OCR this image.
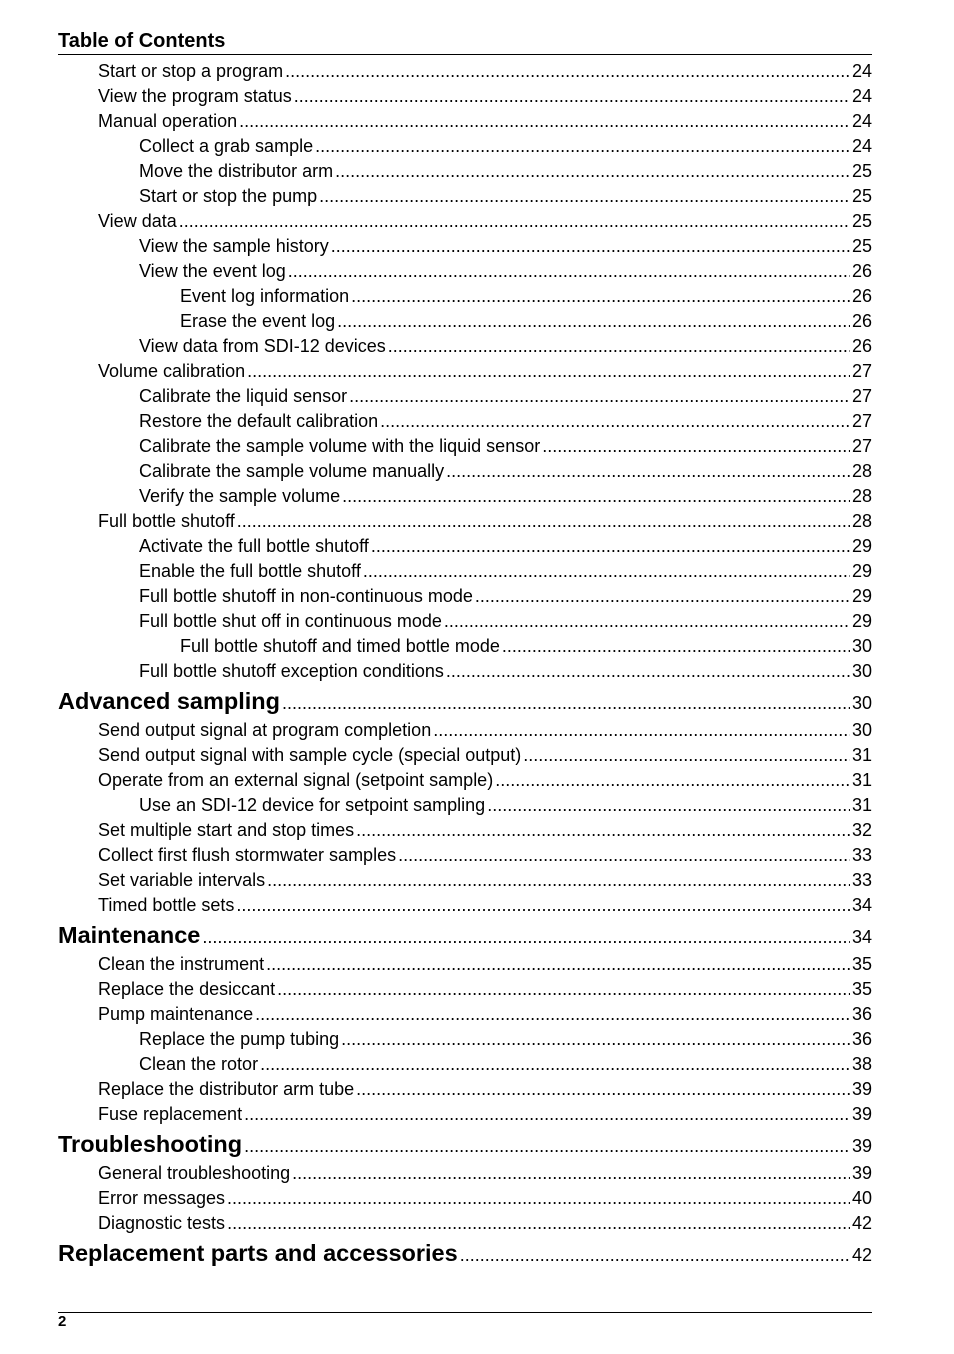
Table of Contents
Start or stop a program .....	24
View the program status .....	24
Manual operation .....	24
Collect a grab sample .....	24
Move the distributor arm .....	25
Start or stop the pump .....	25
View data .....	25
View the sample history .....	25
View the event log .....	26
Event log information .....	26
Erase the event log .....	26
View data from SDI-12 devices .....	26
Volume calibration .....	27
Calibrate the liquid sensor .....	27
Restore the default calibration .....	27
Calibrate the sample volume with the liquid sensor .....	27
Calibrate the sample volume manually .....	28
Verify the sample volume .....	28
Full bottle shutoff .....	28
Activate the full bottle shutoff .....	29
Enable the full bottle shutoff .....	29
Full bottle shutoff in non-continuous mode .....	29
Full bottle shut off in continuous mode .....	29
Full bottle shutoff and timed bottle mode .....	30
Full bottle shutoff exception conditions .....	30
Advanced sampling .....	30
Send output signal at program completion .....	30
Send output signal with sample cycle (special output) .....	31
Operate from an external signal (setpoint sample) .....	31
Use an SDI-12 device for setpoint sampling .....	31
Set multiple start and stop times .....	32
Collect first flush stormwater samples .....	33
Set variable intervals .....	33
Timed bottle sets .....	34
Maintenance .....	34
Clean the instrument .....	35
Replace the desiccant .....	35
Pump maintenance .....	36
Replace the pump tubing .....	36
Clean the rotor .....	38
Replace the distributor arm tube .....	39
Fuse replacement .....	39
Troubleshooting .....	39
General troubleshooting .....	39
Error messages .....	40
Diagnostic tests .....	42
Replacement parts and accessories .....	42
2
